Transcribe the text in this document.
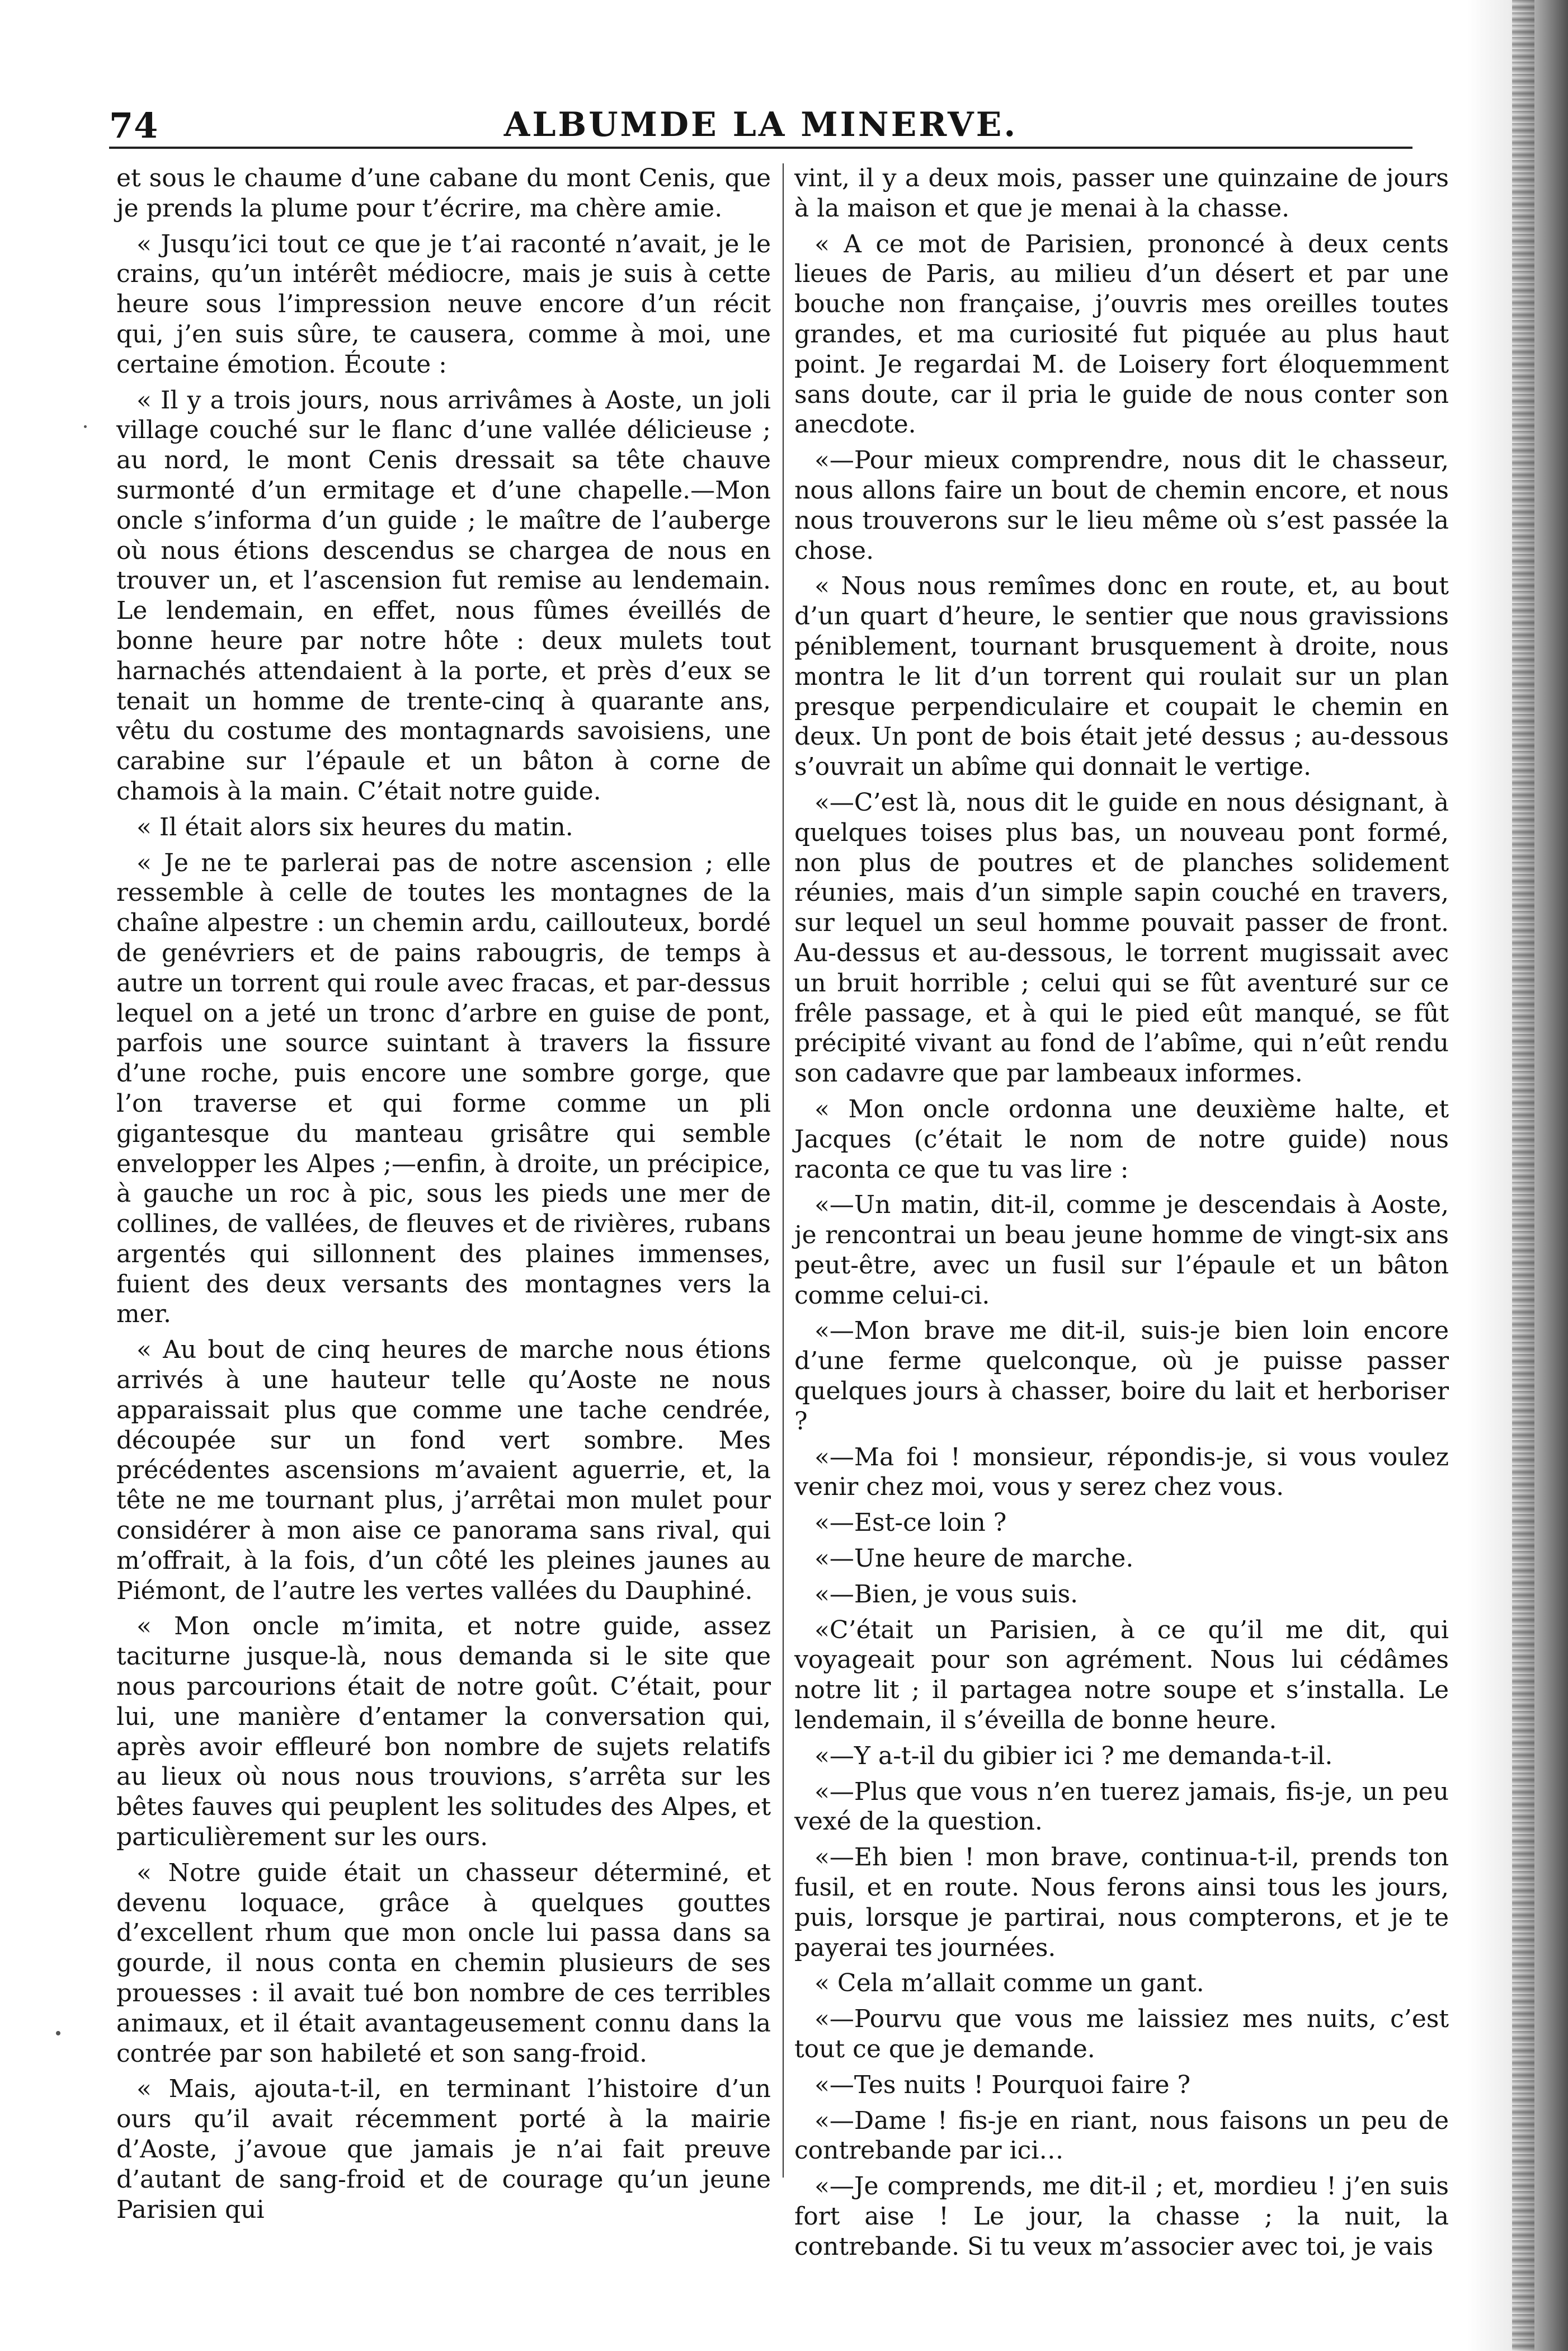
74	ALBUMDE LA MINERVE.

et sous le chaume d’une cabane du mont Cenis, que je prends la plume pour t’écrire, ma chère amie.

« Jusqu’ici tout ce que je t’ai raconté n’avait, je le crains, qu’un intérêt médiocre, mais je suis à cette heure sous l’impression neuve encore d’un récit qui, j’en suis sûre, te causera, comme à moi, une certaine émotion. Écoute :

« Il y a trois jours, nous arrivâmes à Aoste, un joli village couché sur le flanc d’une vallée délicieuse ; au nord, le mont Cenis dressait sa tête chauve surmonté d’un ermitage et d’une chapelle.—Mon oncle s’informa d’un guide ; le maître de l’auberge où nous étions descendus se chargea de nous en trouver un, et l’ascension fut remise au lendemain. Le lendemain, en effet, nous fûmes éveillés de bonne heure par notre hôte : deux mulets tout harnachés attendaient à la porte, et près d’eux se tenait un homme de trente-cinq à quarante ans, vêtu du costume des montagnards savoisiens, une carabine sur l’épaule et un bâton à corne de chamois à la main. C’était notre guide.

« Il était alors six heures du matin.

« Je ne te parlerai pas de notre ascension ; elle ressemble à celle de toutes les montagnes de la chaîne alpestre : un chemin ardu, caillouteux, bordé de genévriers et de pains rabougris, de temps à autre un torrent qui roule avec fracas, et par-dessus lequel on a jeté un tronc d’arbre en guise de pont, parfois une source suintant à travers la fissure d’une roche, puis encore une sombre gorge, que l’on traverse et qui forme comme un pli gigantesque du manteau grisâtre qui semble envelopper les Alpes ;—enfin, à droite, un précipice, à gauche un roc à pic, sous les pieds une mer de collines, de vallées, de fleuves et de rivières, rubans argentés qui sillonnent des plaines immenses, fuient des deux versants des montagnes vers la mer.

« Au bout de cinq heures de marche nous étions arrivés à une hauteur telle qu’Aoste ne nous apparaissait plus que comme une tache cendrée, découpée sur un fond vert sombre. Mes précédentes ascensions m’avaient aguerrie, et, la tête ne me tournant plus, j’arrêtai mon mulet pour considérer à mon aise ce panorama sans rival, qui m’offrait, à la fois, d’un côté les pleines jaunes au Piémont, de l’autre les vertes vallées du Dauphiné.

« Mon oncle m’imita, et notre guide, assez taciturne jusque-là, nous demanda si le site que nous parcourions était de notre goût. C’était, pour lui, une manière d’entamer la conversation qui, après avoir effleuré bon nombre de sujets relatifs au lieux où nous nous trouvions, s’arrêta sur les bêtes fauves qui peuplent les solitudes des Alpes, et particulièrement sur les ours.

« Notre guide était un chasseur déterminé, et devenu loquace, grâce à quelques gouttes d’excellent rhum que mon oncle lui passa dans sa gourde, il nous conta en chemin plusieurs de ses prouesses : il avait tué bon nombre de ces terribles animaux, et il était avantageusement connu dans la contrée par son habileté et son sang-froid.

« Mais, ajouta-t-il, en terminant l’histoire d’un ours qu’il avait récemment porté à la mairie d’Aoste, j’avoue que jamais je n’ai fait preuve d’autant de sang-froid et de courage qu’un jeune Parisien qui

vint, il y a deux mois, passer une quinzaine de jours à la maison et que je menai à la chasse.

« A ce mot de Parisien, prononcé à deux cents lieues de Paris, au milieu d’un désert et par une bouche non française, j’ouvris mes oreilles toutes grandes, et ma curiosité fut piquée au plus haut point. Je regardai M. de Loisery fort éloquemment sans doute, car il pria le guide de nous conter son anecdote.

«—Pour mieux comprendre, nous dit le chasseur, nous allons faire un bout de chemin encore, et nous nous trouverons sur le lieu même où s’est passée la chose.

« Nous nous remîmes donc en route, et, au bout d’un quart d’heure, le sentier que nous gravissions péniblement, tournant brusquement à droite, nous montra le lit d’un torrent qui roulait sur un plan presque perpendiculaire et coupait le chemin en deux. Un pont de bois était jeté dessus ; au-dessous s’ouvrait un abîme qui donnait le vertige.

«—C’est là, nous dit le guide en nous désignant, à quelques toises plus bas, un nouveau pont formé, non plus de poutres et de planches solidement réunies, mais d’un simple sapin couché en travers, sur lequel un seul homme pouvait passer de front. Au-dessus et au-dessous, le torrent mugissait avec un bruit horrible ; celui qui se fût aventuré sur ce frêle passage, et à qui le pied eût manqué, se fût précipité vivant au fond de l’abîme, qui n’eût rendu son cadavre que par lambeaux informes.

« Mon oncle ordonna une deuxième halte, et Jacques (c’était le nom de notre guide) nous raconta ce que tu vas lire :

«—Un matin, dit-il, comme je descendais à Aoste, je rencontrai un beau jeune homme de vingt-six ans peut-être, avec un fusil sur l’épaule et un bâton comme celui-ci.

«—Mon brave me dit-il, suis-je bien loin encore d’une ferme quelconque, où je puisse passer quelques jours à chasser, boire du lait et herboriser ?

«—Ma foi ! monsieur, répondis-je, si vous voulez venir chez moi, vous y serez chez vous.

«—Est-ce loin ?

«—Une heure de marche.

«—Bien, je vous suis.

«C’était un Parisien, à ce qu’il me dit, qui voyageait pour son agrément. Nous lui cédâmes notre lit ; il partagea notre soupe et s’installa. Le lendemain, il s’éveilla de bonne heure.

«—Y a-t-il du gibier ici ? me demanda-t-il.

«—Plus que vous n’en tuerez jamais, fis-je, un peu vexé de la question.

«—Eh bien ! mon brave, continua-t-il, prends ton fusil, et en route. Nous ferons ainsi tous les jours, puis, lorsque je partirai, nous compterons, et je te payerai tes journées.

« Cela m’allait comme un gant.

«—Pourvu que vous me laissiez mes nuits, c’est tout ce que je demande.

«—Tes nuits ! Pourquoi faire ?

«—Dame ! fis-je en riant, nous faisons un peu de contrebande par ici…

«—Je comprends, me dit-il ; et, mordieu ! j’en suis fort aise ! Le jour, la chasse ; la nuit, la contrebande. Si tu veux m’associer avec toi, je vais
